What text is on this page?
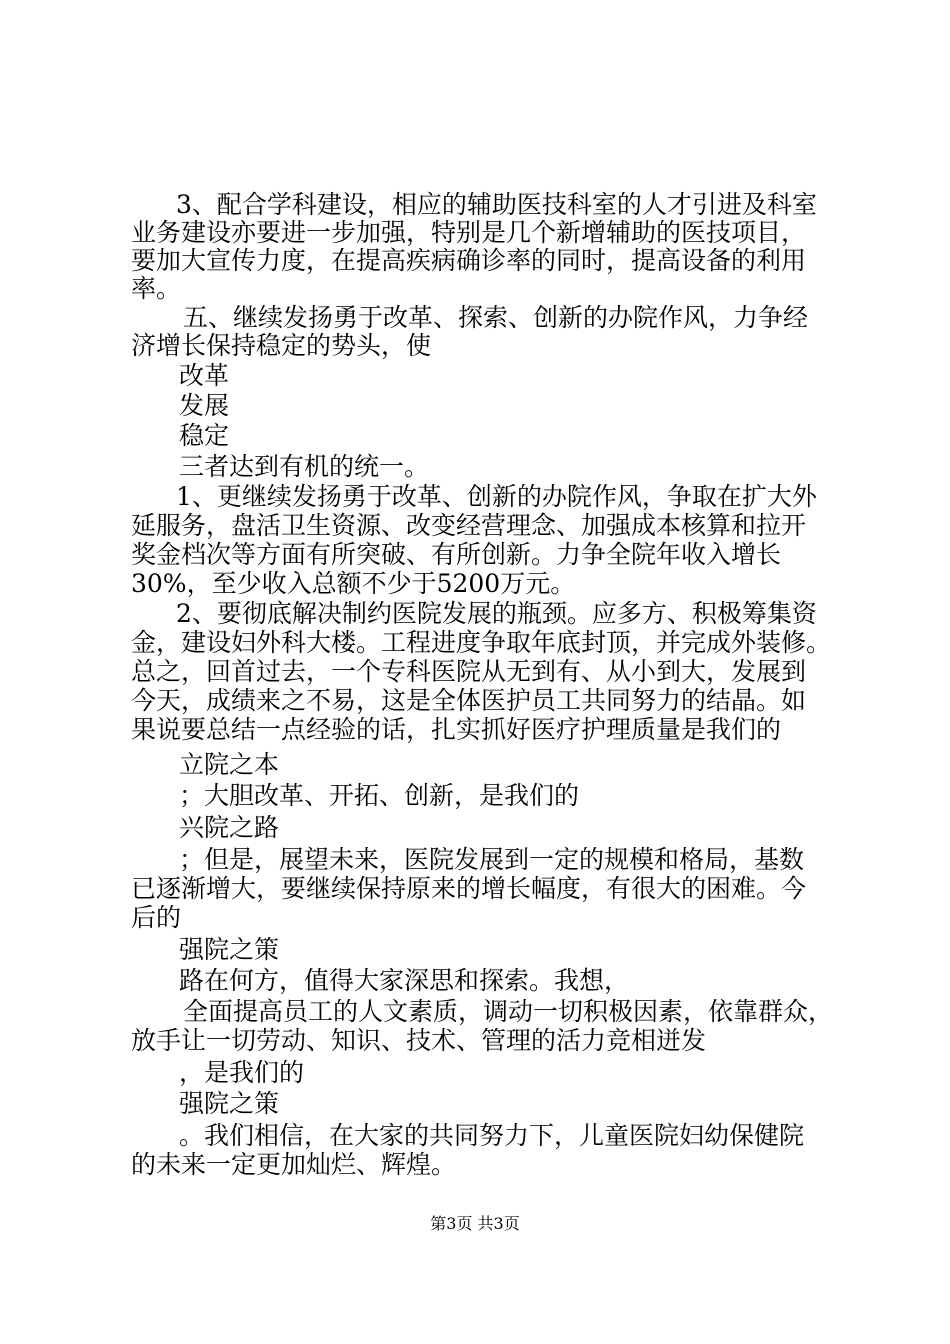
3、配合学科建设，相应的辅助医技科室的人才引进及科室
业务建设亦要进一步加强，特别是几个新增辅助的医技项目，
要加大宣传力度，在提高疾病确诊率的同时，提高设备的利用
率。
五、继续发扬勇于改革、探索、创新的办院作风，力争经
济增长保持稳定的势头，使
改革
发展
稳定
三者达到有机的统一。
1、更继续发扬勇于改革、创新的办院作风，争取在扩大外
延服务，盘活卫生资源、改变经营理念、加强成本核算和拉开
奖金档次等方面有所突破、有所创新。力争全院年收入增长
30%，至少收入总额不少于5200万元。
2、要彻底解决制约医院发展的瓶颈。应多方、积极筹集资
金，建设妇外科大楼。工程进度争取年底封顶，并完成外装修。
总之，回首过去，一个专科医院从无到有、从小到大，发展到
今天，成绩来之不易，这是全体医护员工共同努力的结晶。如
果说要总结一点经验的话，扎实抓好医疗护理质量是我们的
立院之本
；大胆改革、开拓、创新，是我们的
兴院之路
；但是，展望未来，医院发展到一定的规模和格局，基数
已逐渐增大，要继续保持原来的增长幅度，有很大的困难。今
后的
强院之策
路在何方，值得大家深思和探索。我想，
全面提高员工的人文素质，调动一切积极因素，依靠群众，
放手让一切劳动、知识、技术、管理的活力竞相迸发
，是我们的
强院之策
。我们相信，在大家的共同努力下，儿童医院妇幼保健院
的未来一定更加灿烂、辉煌。
第3页 共3页
